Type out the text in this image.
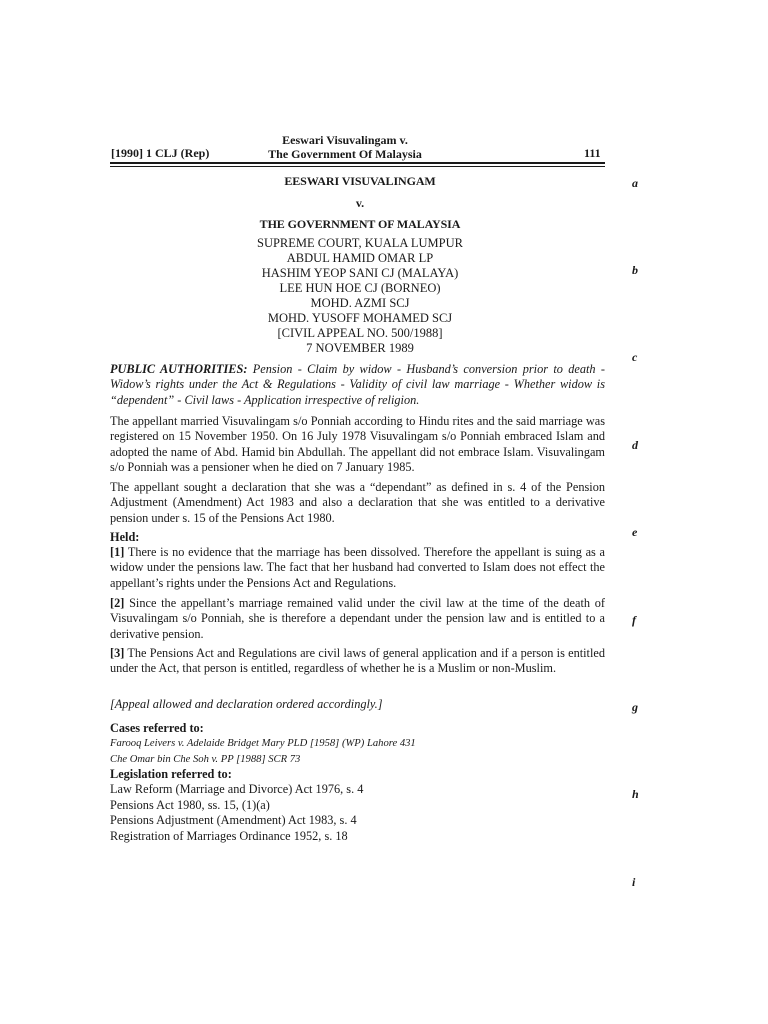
[1990] 1 CLJ (Rep)
Eeswari Visuvalingam v.
The Government Of Malaysia	111
a
b
c
d
e
f
g
h
i
EESWARI VISUVALINGAM
v.
THE GOVERNMENT OF MALAYSIA
SUPREME COURT, KUALA LUMPUR
ABDUL HAMID OMAR LP
HASHIM YEOP SANI CJ (MALAYA)
LEE HUN HOE CJ (BORNEO)
MOHD. AZMI SCJ
MOHD. YUSOFF MOHAMED SCJ
[CIVIL APPEAL NO. 500/1988]
7 NOVEMBER 1989

PUBLIC AUTHORITIES: Pension - Claim by widow - Husband’s conversion prior to death - Widow’s rights under the Act & Regulations - Validity of civil law marriage - Whether widow is “dependent” - Civil laws - Application irrespective of religion.

The appellant married Visuvalingam s/o Ponniah according to Hindu rites and the said marriage was registered on 15 November 1950. On 16 July 1978 Visuvalingam s/o Ponniah embraced Islam and adopted the name of Abd. Hamid bin Abdullah. The appellant did not embrace Islam. Visuvalingam s/o Ponniah was a pensioner when he died on 7 January 1985.

The appellant sought a declaration that she was a “dependant” as defined in s. 4 of the Pension Adjustment (Amendment) Act 1983 and also a declaration that she was entitled to a derivative pension under s. 15 of the Pensions Act 1980.

Held:

[1] There is no evidence that the marriage has been dissolved. Therefore the appellant is suing as a widow under the pensions law. The fact that her husband had converted to Islam does not effect the appellant’s rights under the Pensions Act and Regulations.

[2] Since the appellant’s marriage remained valid under the civil law at the time of the death of Visuvalingam s/o Ponniah, she is therefore a dependant under the pension law and is entitled to a derivative pension.

[3] The Pensions Act and Regulations are civil laws of general application and if a person is entitled under the Act, that person is entitled, regardless of whether he is a Muslim or non-Muslim.

[Appeal allowed and declaration ordered accordingly.]

Cases referred to:
Farooq Leivers v. Adelaide Bridget Mary PLD [1958] (WP) Lahore 431
Che Omar bin Che Soh v. PP [1988] SCR 73
Legislation referred to:
Law Reform (Marriage and Divorce) Act 1976, s. 4
Pensions Act 1980, ss. 15, (1)(a)
Pensions Adjustment (Amendment) Act 1983, s. 4
Registration of Marriages Ordinance 1952, s. 18
